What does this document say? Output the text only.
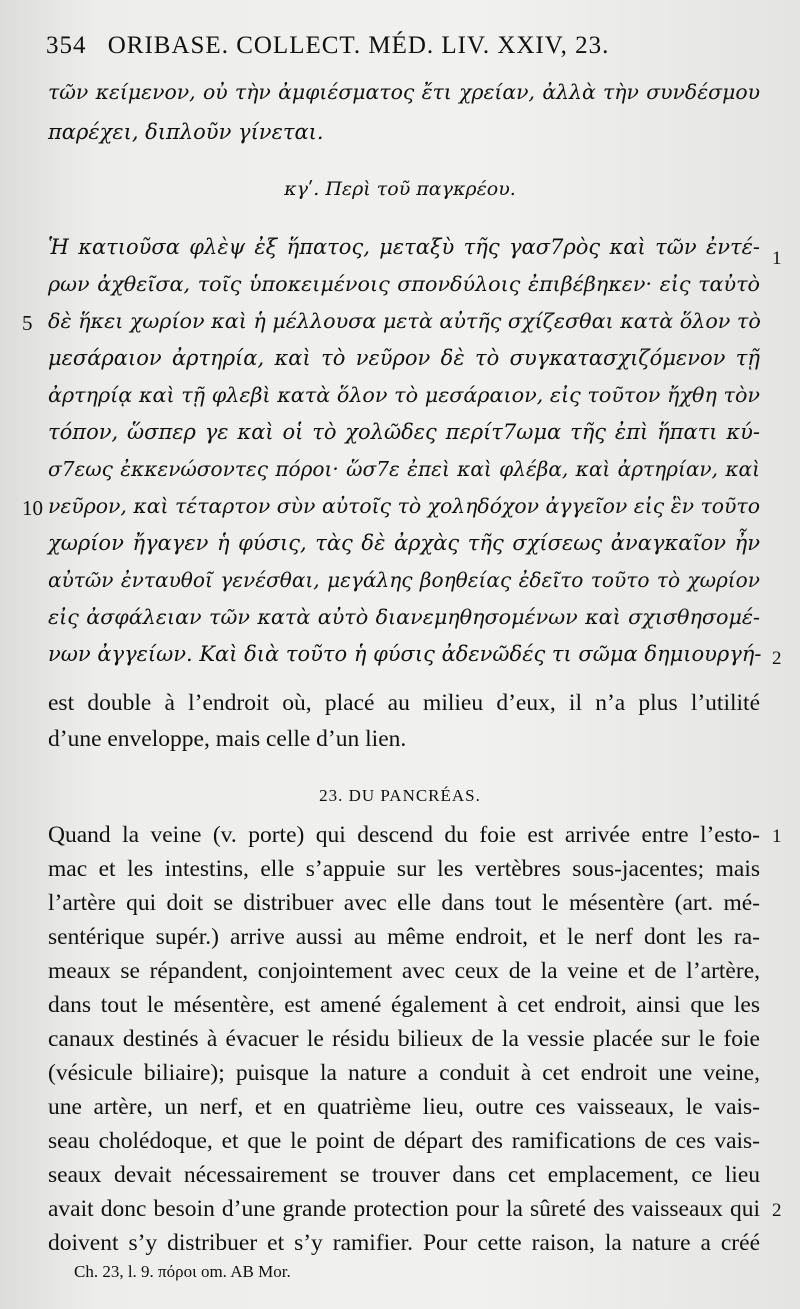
354 ORIBASE. COLLECT. MÉD. LIV. XXIV, 23.
τῶν κείμενον, οὐ τὴν ἀμφιέσματος ἔτι χρείαν, ἀλλὰ τὴν συνδέσμου
παρέχει, διπλοῦν γίνεται.
κγʹ. Περὶ τοῦ παγκρέου.
Ἡ κατιοῦσα φλὲψ ἐξ ἥπατος, μεταξὺ τῆς γασ7ρὸς καὶ τῶν ἐντέ-
ρων ἀχθεῖσα, τοῖς ὑποκειμένοις σπονδύλοις ἐπιβέβηκεν· εἰς ταὐτὸ
δὲ ἥκει χωρίον καὶ ἡ μέλλουσα μετὰ αὐτῆς σχίζεσθαι κατὰ ὅλον τὸ
μεσάραιον ἀρτηρία, καὶ τὸ νεῦρον δὲ τὸ συγκατασχιζόμενον τῇ
ἀρτηρίᾳ καὶ τῇ φλεβὶ κατὰ ὅλον τὸ μεσάραιον, εἰς τοῦτον ἤχθη τὸν
τόπον, ὥσπερ γε καὶ οἱ τὸ χολῶδες περίτ7ωμα τῆς ἐπὶ ἥπατι κύ-
σ7εως ἐκκενώσοντες πόροι· ὥσ7ε ἐπεὶ καὶ φλέβα, καὶ ἀρτηρίαν, καὶ
νεῦρον, καὶ τέταρτον σὺν αὐτοῖς τὸ χοληδόχον ἀγγεῖον εἰς ἓν τοῦτο
χωρίον ἤγαγεν ἡ φύσις, τὰς δὲ ἀρχὰς τῆς σχίσεως ἀναγκαῖον ἦν
αὐτῶν ἐνταυθοῖ γενέσθαι, μεγάλης βοηθείας ἐδεῖτο τοῦτο τὸ χωρίον
εἰς ἀσφάλειαν τῶν κατὰ αὐτὸ διανεμηθησομένων καὶ σχισθησομέ-
νων ἀγγείων. Καὶ διὰ τοῦτο ἡ φύσις ἀδενῶδές τι σῶμα δημιουργή-
5
10
1
2
1
2
est double à l’endroit où, placé au milieu d’eux, il n’a plus l’utilité
d’une enveloppe, mais celle d’un lien.
23. DU PANCRÉAS.
Quand la veine (v. porte) qui descend du foie est arrivée entre l’esto-
mac et les intestins, elle s’appuie sur les vertèbres sous-jacentes; mais
l’artère qui doit se distribuer avec elle dans tout le mésentère (art. mé-
sentérique supér.) arrive aussi au même endroit, et le nerf dont les ra-
meaux se répandent, conjointement avec ceux de la veine et de l’artère,
dans tout le mésentère, est amené également à cet endroit, ainsi que les
canaux destinés à évacuer le résidu bilieux de la vessie placée sur le foie
(vésicule biliaire); puisque la nature a conduit à cet endroit une veine,
une artère, un nerf, et en quatrième lieu, outre ces vaisseaux, le vais-
seau cholédoque, et que le point de départ des ramifications de ces vais-
seaux devait nécessairement se trouver dans cet emplacement, ce lieu
avait donc besoin d’une grande protection pour la sûreté des vaisseaux qui
doivent s’y distribuer et s’y ramifier. Pour cette raison, la nature a créé
Ch. 23, l. 9. πόροι om. AB Mor.
